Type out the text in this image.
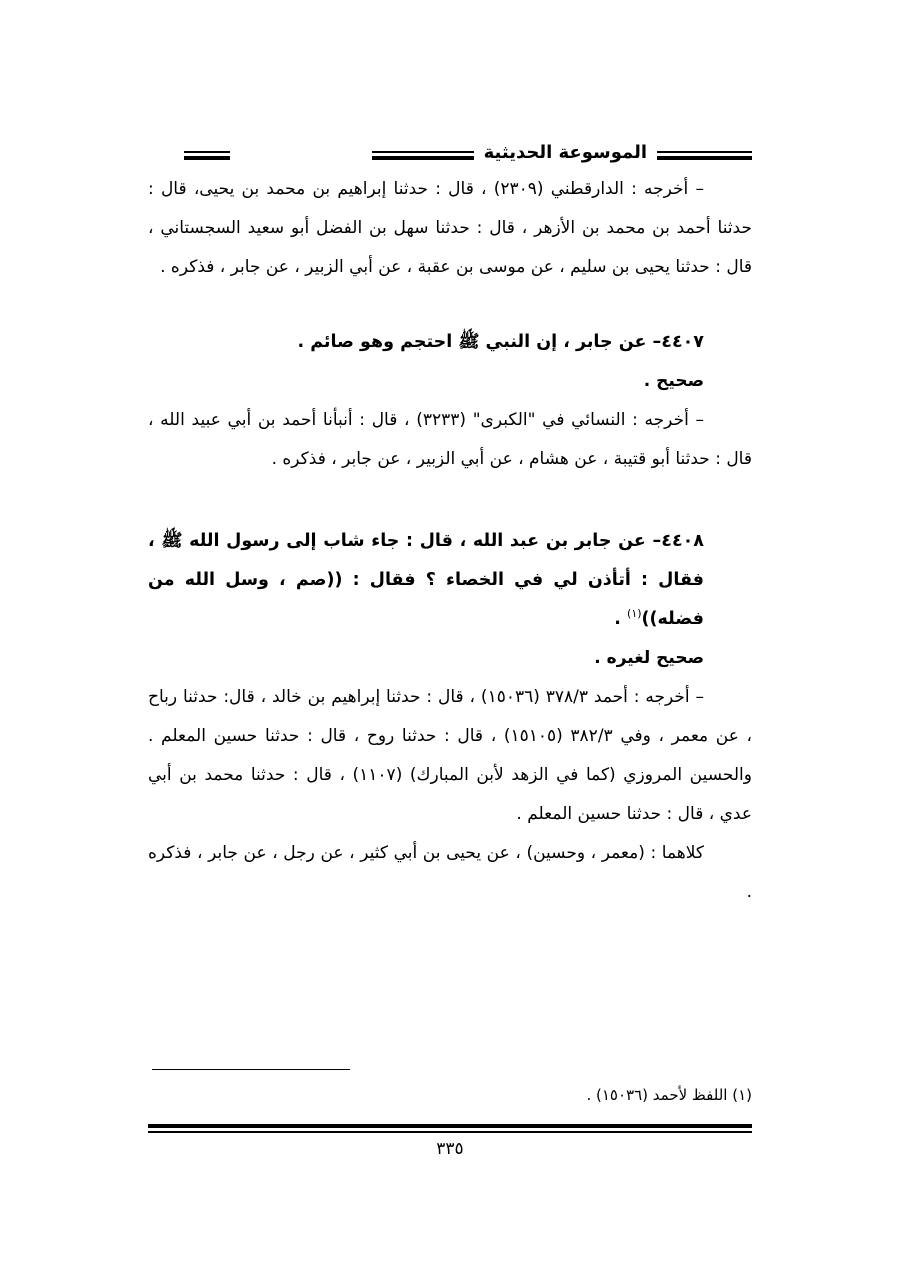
الموسوعة الحديثية

– أخرجه : الدارقطني (٢٣٠٩) ، قال : حدثنا إبراهيم بن محمد بن يحيى، قال : حدثنا أحمد بن محمد بن الأزهر ، قال : حدثنا سهل بن الفضل أبو سعيد السجستاني ، قال : حدثنا يحيى بن سليم ، عن موسى بن عقبة ، عن أبي الزبير ، عن جابر ، فذكره .

٤٤٠٧– عن جابر ، إن النبي ﷺ احتجم وهو صائم .

صحيح .

– أخرجه : النسائي في "الكبرى" (٣٢٣٣) ، قال : أنبأنا أحمد بن أبي عبيد الله ، قال : حدثنا أبو قتيبة ، عن هشام ، عن أبي الزبير ، عن جابر ، فذكره .

٤٤٠٨– عن جابر بن عبد الله ، قال : جاء شاب إلى رسول الله ﷺ ، فقال : أتأذن لي في الخصاء ؟ فقال : ((صم ، وسل الله من فضله))$^{(١)}$ .

صحيح لغيره .

– أخرجه : أحمد ٣٧٨/٣ (١٥٠٣٦) ، قال : حدثنا إبراهيم بن خالد ، قال: حدثنا رباح ، عن معمر ، وفي ٣٨٢/٣ (١٥١٠٥) ، قال : حدثنا روح ، قال : حدثنا حسين المعلم . والحسين المروزي (كما في الزهد لأبن المبارك) (١١٠٧) ، قال : حدثنا محمد بن أبي عدي ، قال : حدثنا حسين المعلم .

كلاهما : (معمر ، وحسين) ، عن يحيى بن أبي كثير ، عن رجل ، عن جابر ، فذكره .

(١) اللفظ لأحمد (١٥٠٣٦) .
٣٣٥
